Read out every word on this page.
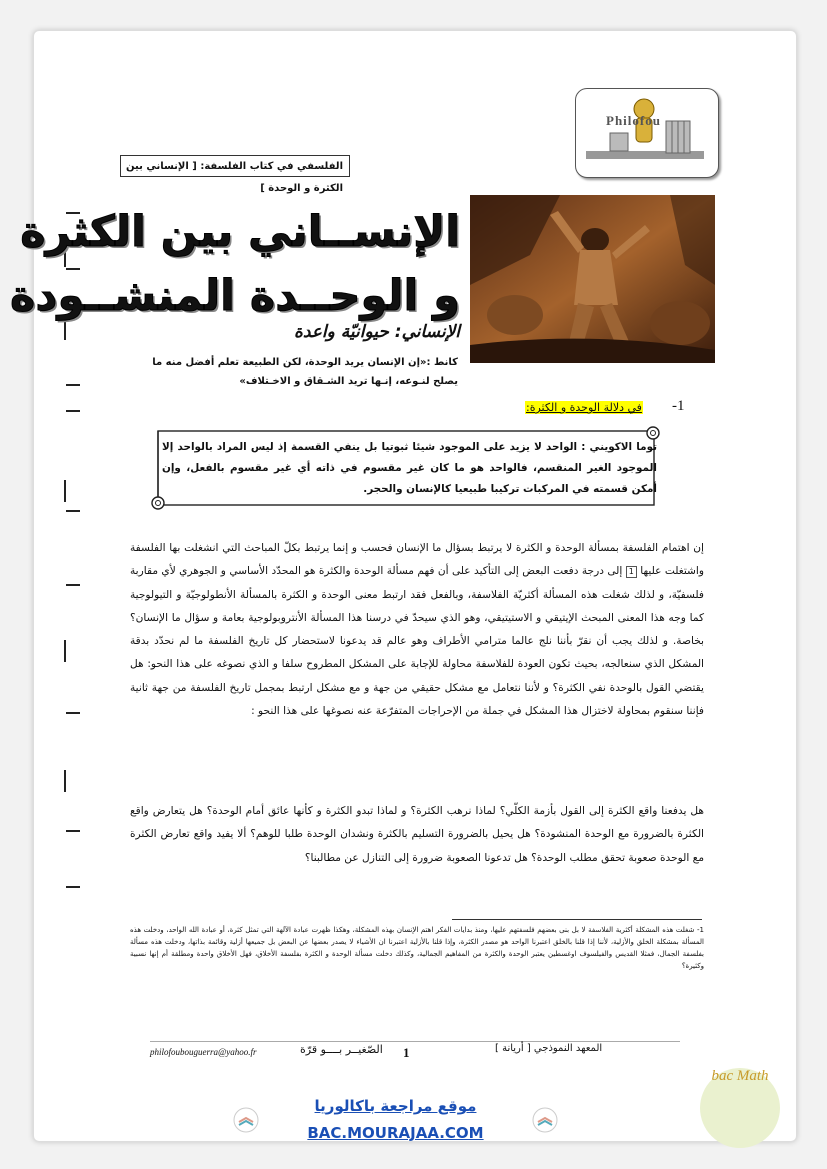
Philofou
الفلسفي في كتاب الفلسفة: [ الإنساني بين الكثرة و الوحدة ]
الإنســاني بين الكثرة
و الوحــدة المنشــودة
الإنساني: حيوانيّة واعدة
كانط :«إن الإنسان يريد الوحدة، لكن الطبيعة تعلم أفضل منه ما يصلح لنـوعه، إنـها تريد الشـقاق و الاخـتلاف»
-1
في دلالة الوحدة و الكثرة:
توما الاكويني : الواحد لا يزيد على الموجود شيئا ثبوتيا بل ينفي القسمة إذ ليس المراد بالواحد إلا الموجود الغير المنقسم، فالواحد هو ما كان غير مقسوم في ذاته أي غير مقسوم بالفعل، وإن أمكن قسمته في المركبات تركيبا طبيعيا كالإنسان والحجر.
إن اهتمام الفلسفة بمسألة الوحدة و الكثرة لا يرتبط بسؤال ما الإنسان فحسب و إنما يرتبط بكلّ المباحث التي انشغلت بها الفلسفة واشتغلت عليها 1 إلى درجة دفعت البعض إلى التأكيد على أن فهم مسألة الوحدة والكثرة هو المحدّد الأساسي و الجوهري لأي مقاربة فلسفيّة، و لذلك شغلت هذه المسألة أكثريّة الفلاسفة، وبالفعل فقد ارتبط معنى الوحدة و الكثرة بالمسألة الأنطولوجيّة و التيولوجية كما وجه هذا المعنى المبحث الإيتيقي و الاستيتيقي، وهو الذي سيحدّ في درسنا هذا المسألة الأنتروبولوجية بعامة و سؤال ما الإنسان؟ بخاصة. و لذلك يجب أن نقرّ بأننا نلج عالما مترامي الأطراف وهو عالم قد يدعونا لاستحضار كل تاريخ الفلسفة ما لم نحدّد بدقة المشكل الذي سنعالجه، بحيث تكون العودة للفلاسفة محاولة للإجابة على المشكل المطروح سلفا و الذي نصوغه على هذا النحو: هل يقتضي القول بالوحدة نفي الكثرة؟ و لأننا نتعامل مع مشكل حقيقي من جهة و مع مشكل ارتبط بمجمل تاريخ الفلسفة من جهة ثانية فإننا سنقوم بمحاولة لاختزال هذا المشكل في جملة من الإحراجات المتفرّعة عنه نصوغها على هذا النحو :
هل يدفعنا واقع الكثرة إلى القول بأزمة الكلّي؟ لماذا نرهب الكثرة؟ و لماذا تبدو الكثرة و كأنها عائق أمام الوحدة؟ هل يتعارض واقع الكثرة بالضرورة مع الوحدة المنشودة؟ هل يحيل بالضرورة التسليم بالكثرة ونشدان الوحدة طلبا للوهم؟ ألا يفيد واقع تعارض الكثرة مع الوحدة صعوبة تحقق مطلب الوحدة؟ هل تدعونا الصعوبة ضرورة إلى التنازل عن مطالبنا؟
1- شغلت هذه المشكلة أكثرية الفلاسفة لا بل بنى بعضهم فلسفتهم عليها، ومنذ بدايات الفكر اهتم الإنسان بهذه المشكلة، وهكذا ظهرت عبادة الآلهة التي تمثل كثرة، أو عبادة الله الواحد، ودخلت هذه المسألة بمشكلة الخلق والأزلية، لأننا إذا قلنا بالخلق اعتبرنا الواحد هو مصدر الكثرة، وإذا قلنا بالأزلية اعتبرنا ان الأشياء لا يصدر بعضها عن البعض بل جميعها أزلية وقائمة بذاتها، ودخلت هذه مسألة بفلسفة الجمال، فمثلا القديس والفيلسوف اوغسطين يعتبر الوحدة والكثرة من المفاهيم الجمالية، وكذلك دخلت مسألة الوحدة و الكثرة بفلسفة الأخلاق، فهل الأخلاق واحدة ومطلقة أم إنها نسبية وكثيرة؟
philofoubouguerra@yahoo.fr	الصّغيــر بــــو قرّة 1	المعهد النموذجي [ أريانة ]
موقع مراجعة باكالوريا
BAC.MOURAJAA.COM
bac Math
